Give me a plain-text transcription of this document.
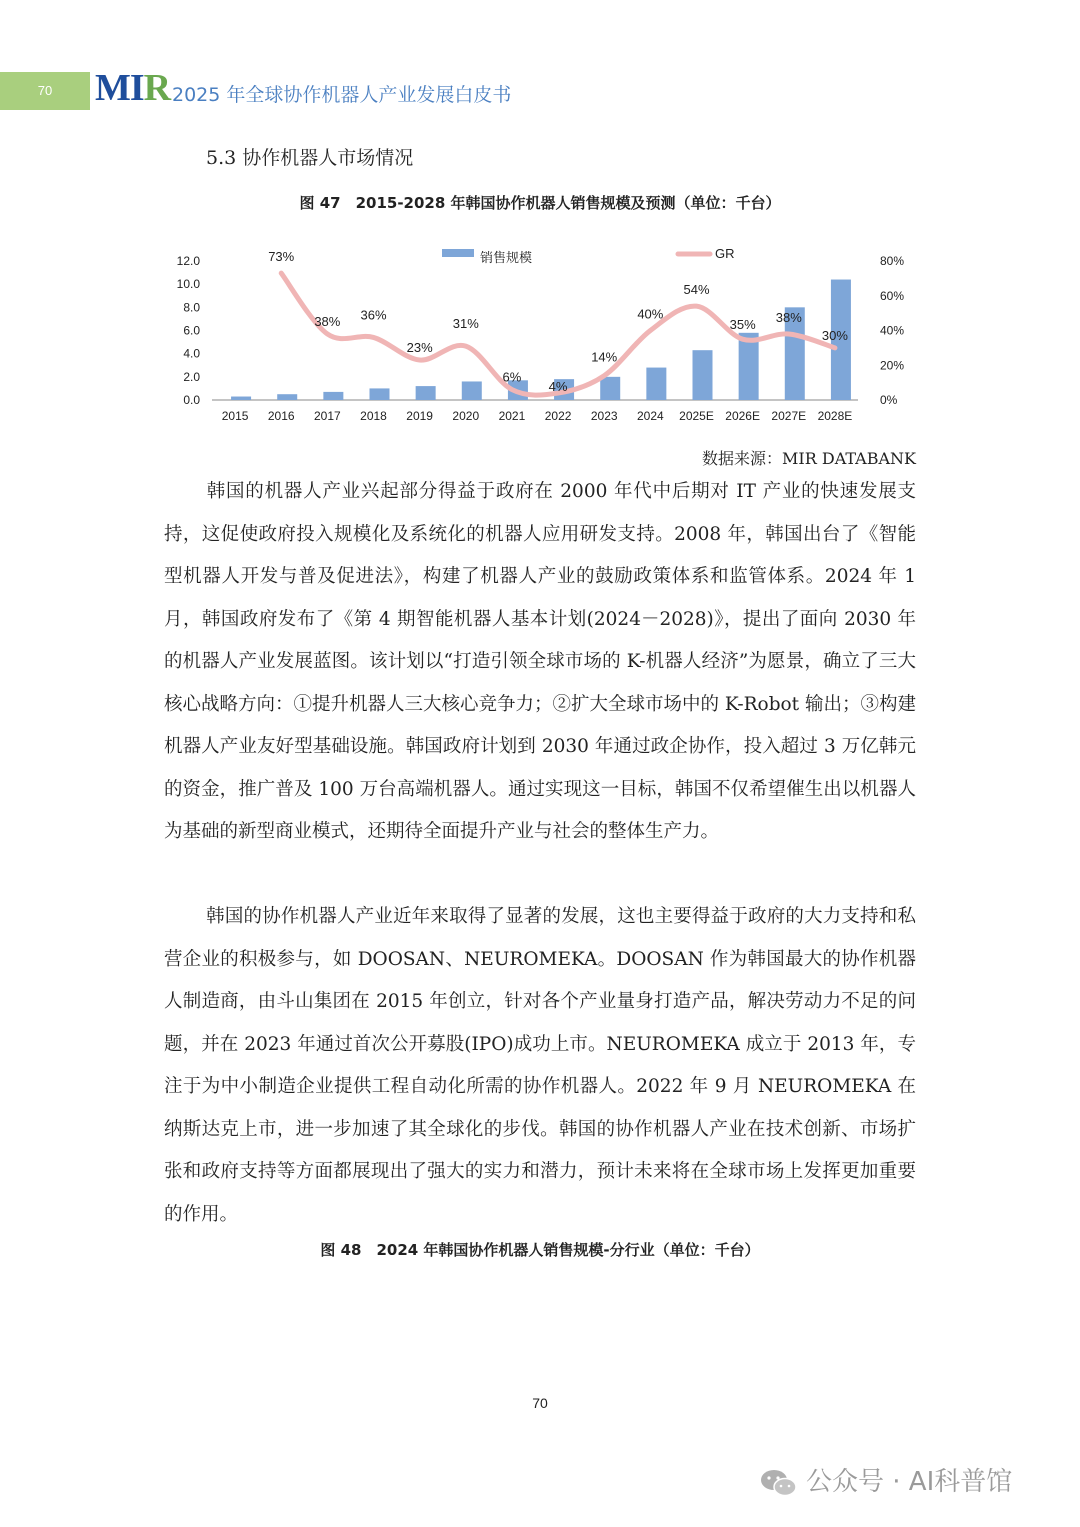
70	MIR 2025 年全球协作机器人产业发展白皮书
5.3 协作机器人市场情况
图 47　2015-2028 年韩国协作机器人销售规模及预测（单位：千台）
0.0
2.0
4.0
6.0
8.0
10.0
12.0
0%
20%
40%
60%
80%
2015 2016 2017 2018 2019 2020 2021 2022 2023 2024 2025E 2026E 2027E 2028E
73%
38% 36%
23%
31%
6%
4%
14%
40%
54%
35% 38%
30%
销售规模	GR
数据来源：MIR DATABANK
韩国的机器人产业兴起部分得益于政府在 2000 年代中后期对 IT 产业的快速发展支持，这促使政府投入规模化及系统化的机器人应用研发支持。2008 年，韩国出台了《智能型机器人开发与普及促进法》，构建了机器人产业的鼓励政策体系和监管体系。2024 年 1 月，韩国政府发布了《第 4 期智能机器人基本计划(2024－2028)》，提出了面向 2030 年的机器人产业发展蓝图。该计划以“打造引领全球市场的 K-机器人经济”为愿景，确立了三大核心战略方向：①提升机器人三大核心竞争力；②扩大全球市场中的 K-Robot 输出；③构建机器人产业友好型基础设施。韩国政府计划到 2030 年通过政企协作，投入超过 3 万亿韩元的资金，推广普及 100 万台高端机器人。通过实现这一目标，韩国不仅希望催生出以机器人为基础的新型商业模式，还期待全面提升产业与社会的整体生产力。
韩国的协作机器人产业近年来取得了显著的发展，这也主要得益于政府的大力支持和私营企业的积极参与，如 DOOSAN、NEUROMEKA。DOOSAN 作为韩国最大的协作机器人制造商，由斗山集团在 2015 年创立，针对各个产业量身打造产品，解决劳动力不足的问题，并在 2023 年通过首次公开募股(IPO)成功上市。NEUROMEKA 成立于 2013 年，专注于为中小制造企业提供工程自动化所需的协作机器人。2022 年 9 月 NEUROMEKA 在纳斯达克上市，进一步加速了其全球化的步伐。韩国的协作机器人产业在技术创新、市场扩张和政府支持等方面都展现出了强大的实力和潜力，预计未来将在全球市场上发挥更加重要的作用。
图 48　2024 年韩国协作机器人销售规模-分行业（单位：千台）
70
公众号 · AI科普馆
